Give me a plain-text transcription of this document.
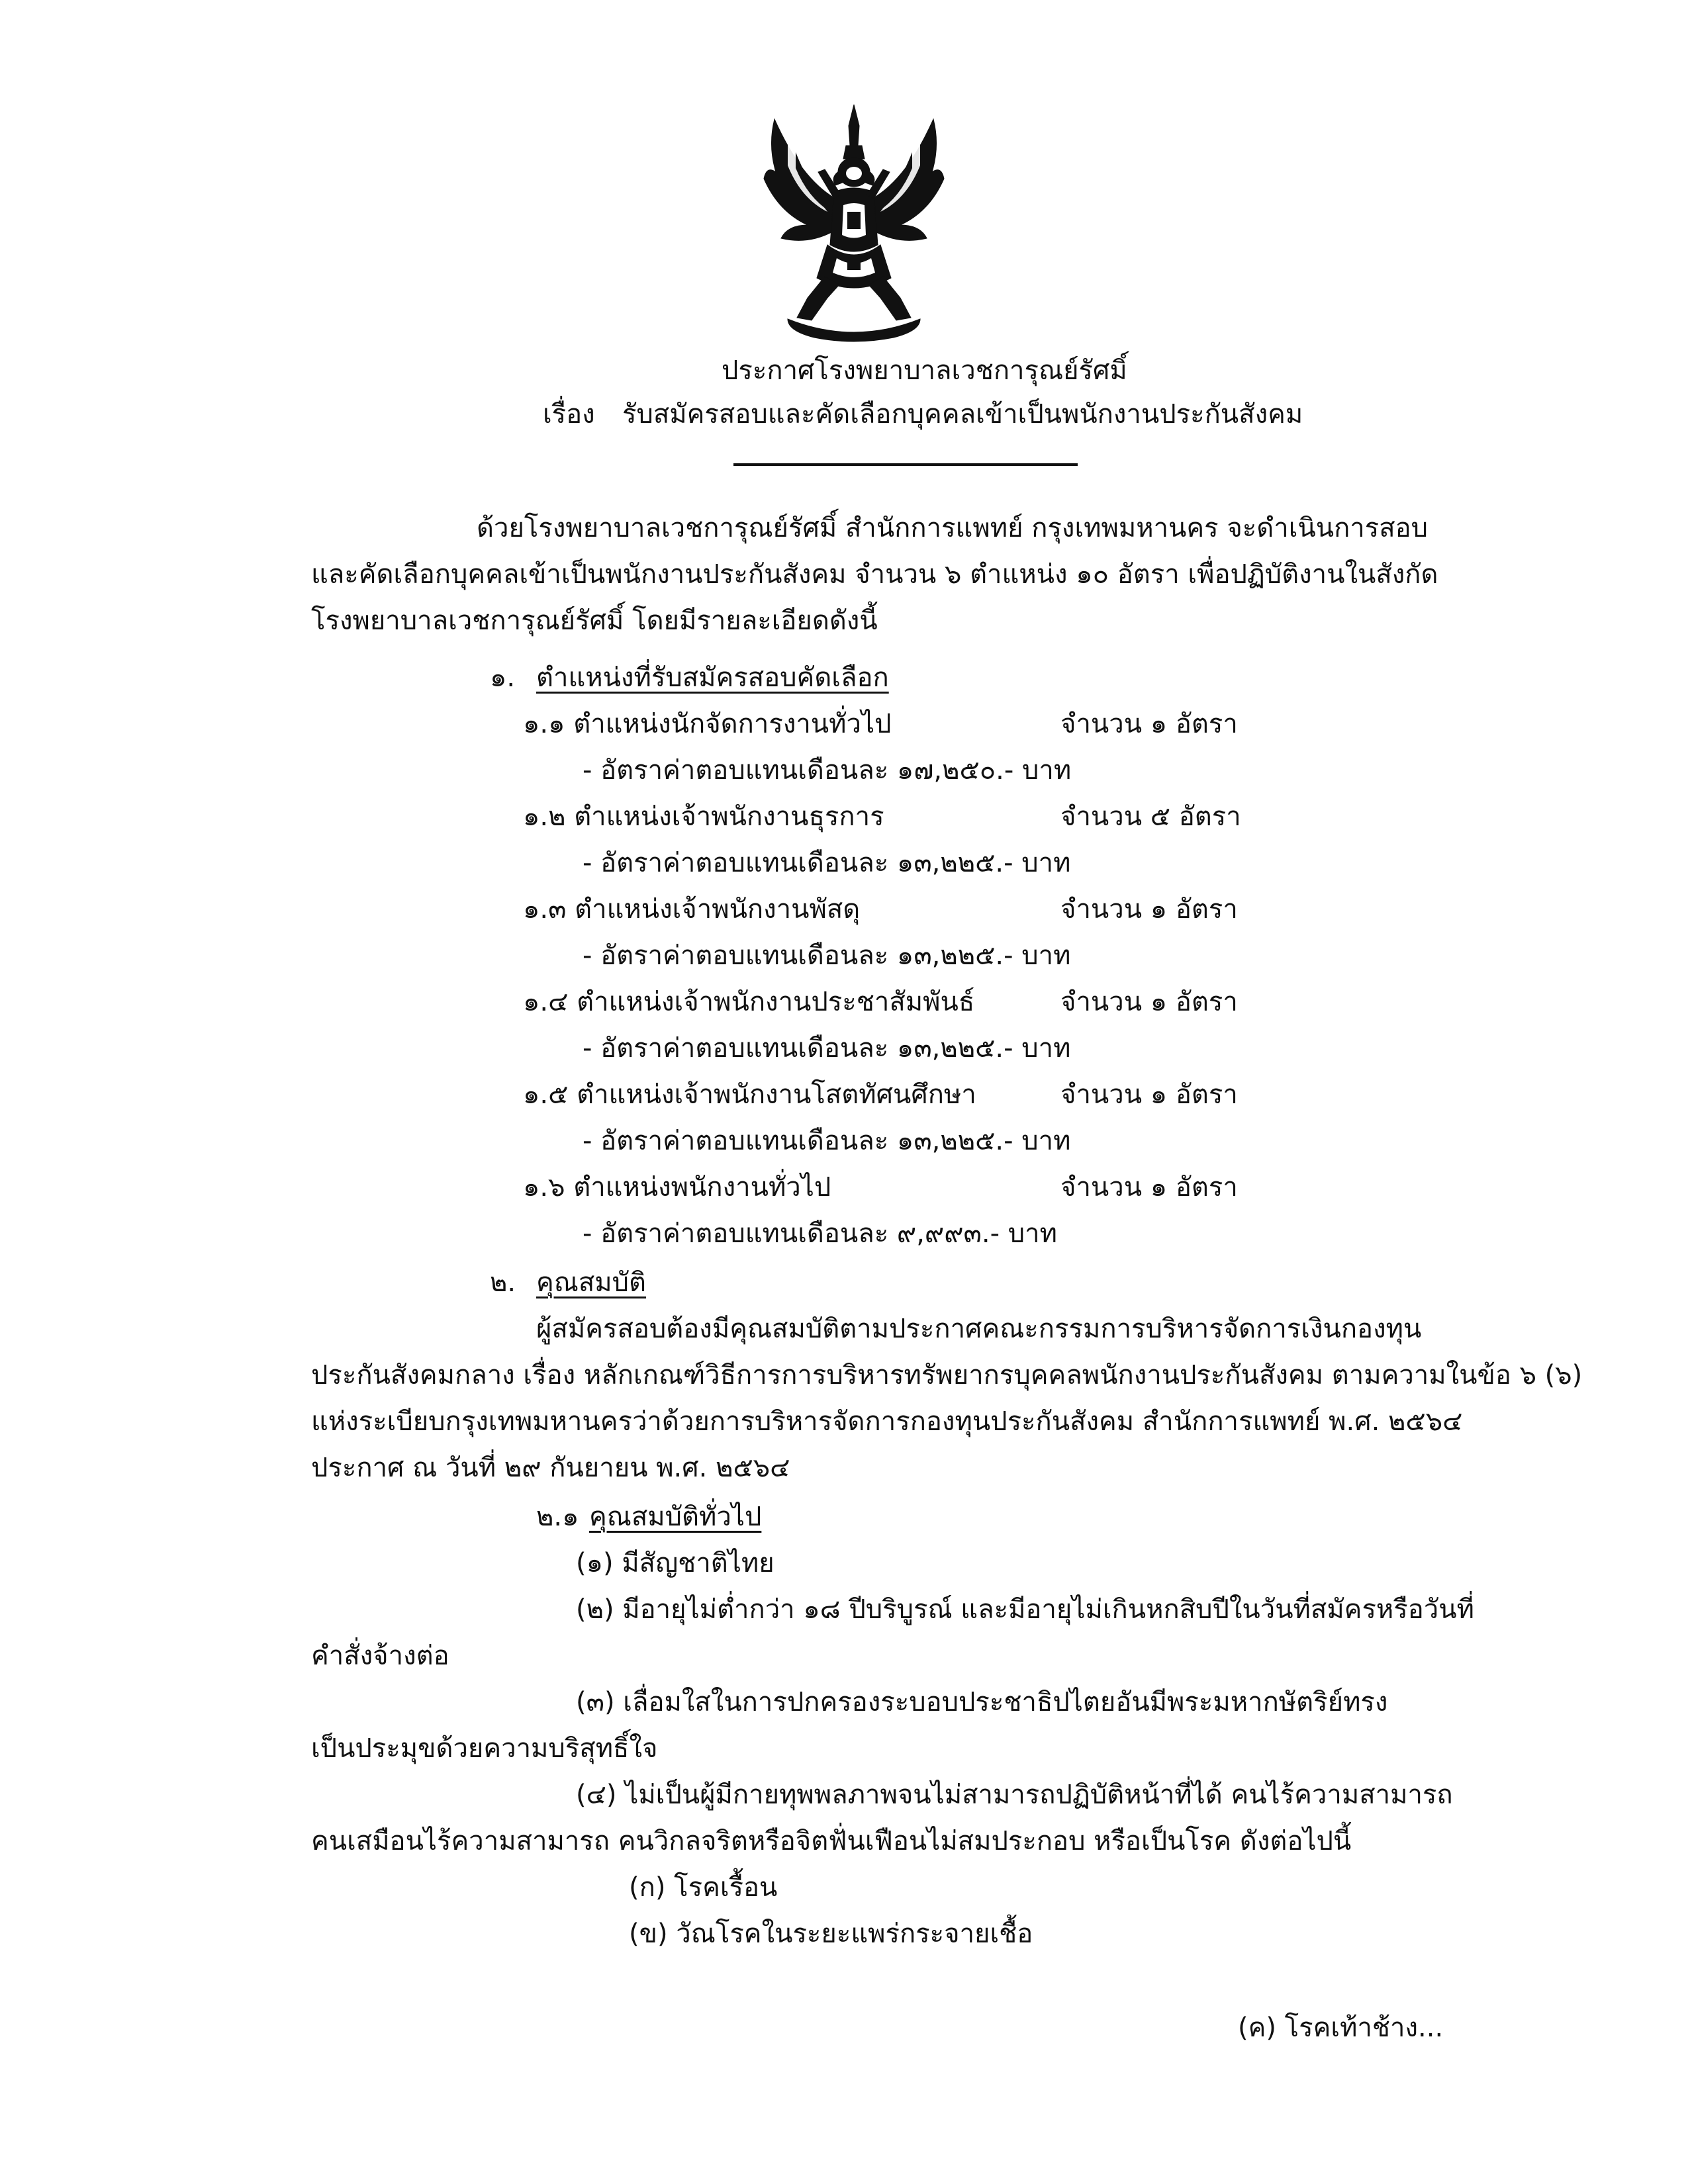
ประกาศโรงพยาบาลเวชการุณย์รัศมิ์
เรื่อง รับสมัครสอบและคัดเลือกบุคคลเข้าเป็นพนักงานประกันสังคม
ด้วยโรงพยาบาลเวชการุณย์รัศมิ์ สำนักการแพทย์ กรุงเทพมหานคร จะดำเนินการสอบ
และคัดเลือกบุคคลเข้าเป็นพนักงานประกันสังคม จำนวน ๖ ตำแหน่ง ๑๐ อัตรา เพื่อปฏิบัติงานในสังกัด
โรงพยาบาลเวชการุณย์รัศมิ์ โดยมีรายละเอียดดังนี้
๑. ตำแหน่งที่รับสมัครสอบคัดเลือก
๑.๑ ตำแหน่งนักจัดการงานทั่วไป	จำนวน ๑ อัตรา
- อัตราค่าตอบแทนเดือนละ ๑๗,๒๕๐.- บาท
๑.๒ ตำแหน่งเจ้าพนักงานธุรการ	จำนวน ๕ อัตรา
- อัตราค่าตอบแทนเดือนละ ๑๓,๒๒๕.- บาท
๑.๓ ตำแหน่งเจ้าพนักงานพัสดุ	จำนวน ๑ อัตรา
- อัตราค่าตอบแทนเดือนละ ๑๓,๒๒๕.- บาท
๑.๔ ตำแหน่งเจ้าพนักงานประชาสัมพันธ์	จำนวน ๑ อัตรา
- อัตราค่าตอบแทนเดือนละ ๑๓,๒๒๕.- บาท
๑.๕ ตำแหน่งเจ้าพนักงานโสตทัศนศึกษา	จำนวน ๑ อัตรา
- อัตราค่าตอบแทนเดือนละ ๑๓,๒๒๕.- บาท
๑.๖ ตำแหน่งพนักงานทั่วไป	จำนวน ๑ อัตรา
- อัตราค่าตอบแทนเดือนละ ๙,๙๙๓.- บาท
๒. คุณสมบัติ
ผู้สมัครสอบต้องมีคุณสมบัติตามประกาศคณะกรรมการบริหารจัดการเงินกองทุน
ประกันสังคมกลาง เรื่อง หลักเกณฑ์วิธีการการบริหารทรัพยากรบุคคลพนักงานประกันสังคม ตามความในข้อ ๖ (๖)
แห่งระเบียบกรุงเทพมหานครว่าด้วยการบริหารจัดการกองทุนประกันสังคม สำนักการแพทย์ พ.ศ. ๒๕๖๔
ประกาศ ณ วันที่ ๒๙ กันยายน พ.ศ. ๒๕๖๔
๒.๑ คุณสมบัติทั่วไป
(๑) มีสัญชาติไทย
(๒) มีอายุไม่ต่ำกว่า ๑๘ ปีบริบูรณ์ และมีอายุไม่เกินหกสิบปีในวันที่สมัครหรือวันที่
คำสั่งจ้างต่อ
(๓) เลื่อมใสในการปกครองระบอบประชาธิปไตยอันมีพระมหากษัตริย์ทรง
เป็นประมุขด้วยความบริสุทธิ์ใจ
(๔) ไม่เป็นผู้มีกายทุพพลภาพจนไม่สามารถปฏิบัติหน้าที่ได้ คนไร้ความสามารถ
คนเสมือนไร้ความสามารถ คนวิกลจริตหรือจิตฟั่นเฟือนไม่สมประกอบ หรือเป็นโรค ดังต่อไปนี้
(ก) โรคเรื้อน
(ข) วัณโรคในระยะแพร่กระจายเชื้อ
(ค) โรคเท้าช้าง...
